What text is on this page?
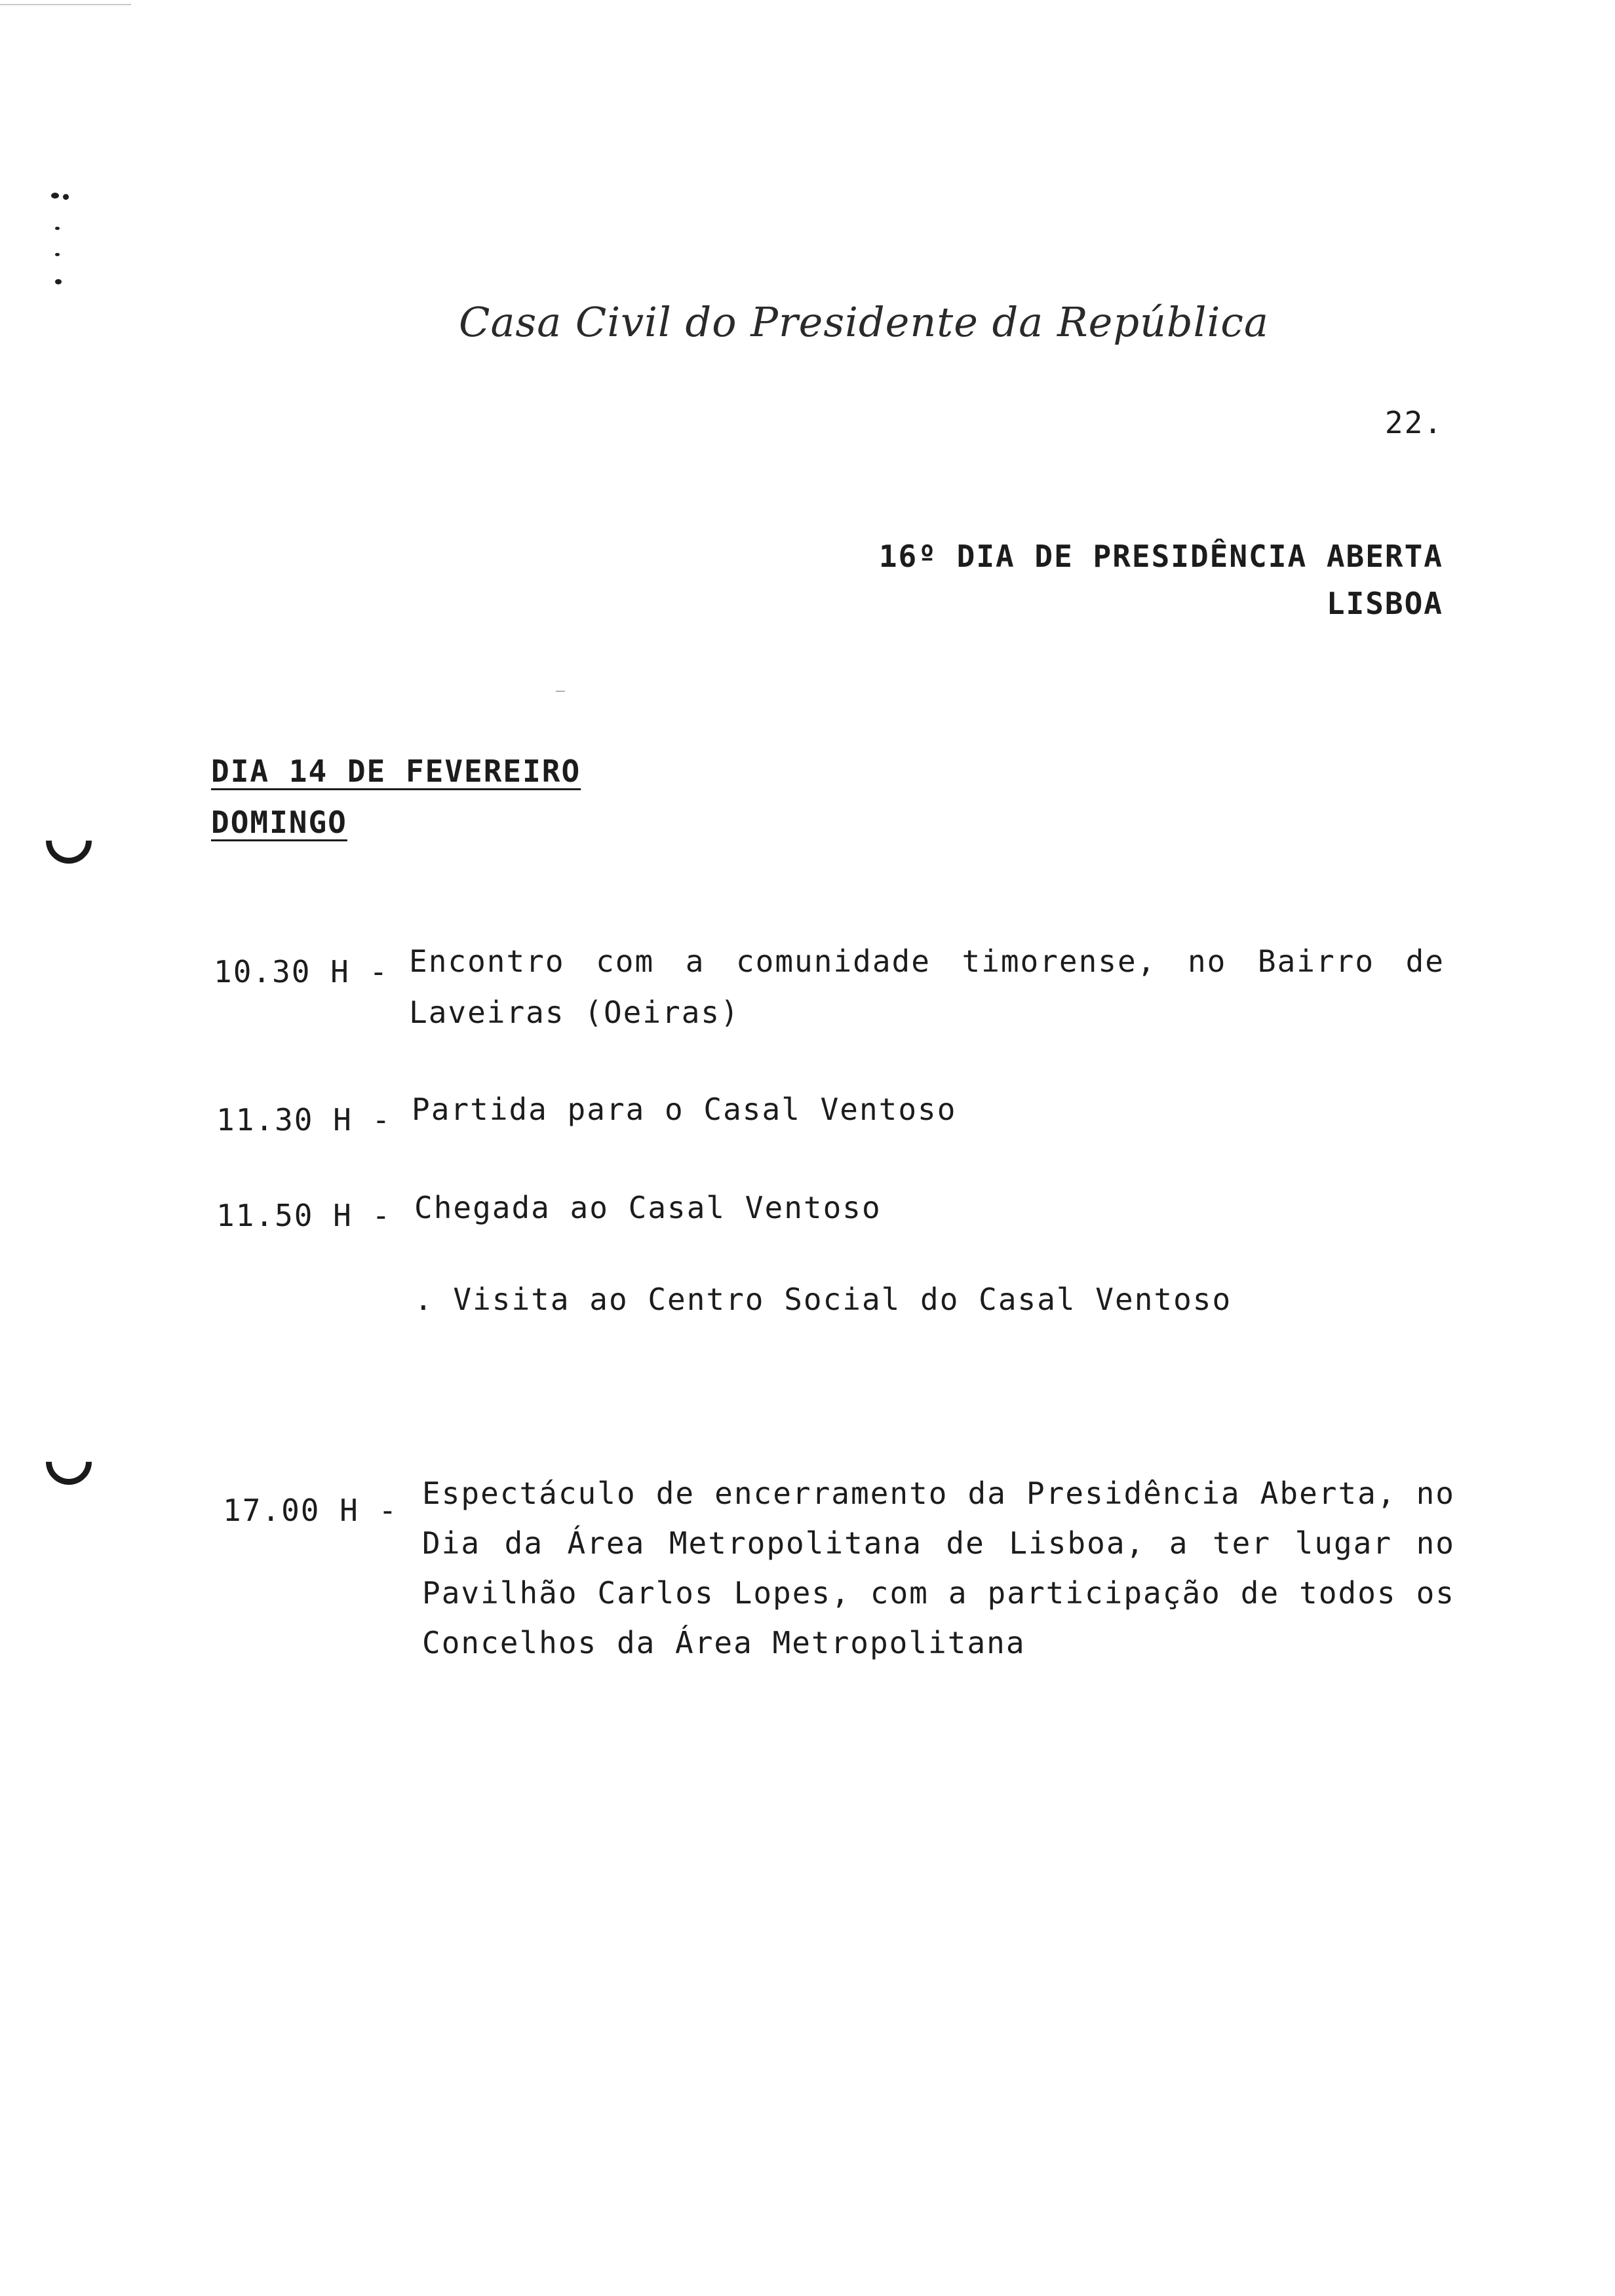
Casa Civil do Presidente da República
22.
16º DIA DE PRESIDÊNCIA ABERTA
LISBOA
DIA 14 DE FEVEREIRO
DOMINGO
10.30 H - Encontro com a comunidade timorense, no Bairro de
Laveiras (Oeiras)
11.30 H - Partida para o Casal Ventoso
11.50 H - Chegada ao Casal Ventoso
. Visita ao Centro Social do Casal Ventoso
17.00 H - Espectáculo de encerramento da Presidência Aberta, no
Dia da Área Metropolitana de Lisboa, a ter lugar no
Pavilhão Carlos Lopes, com a participação de todos os
Concelhos da Área Metropolitana
